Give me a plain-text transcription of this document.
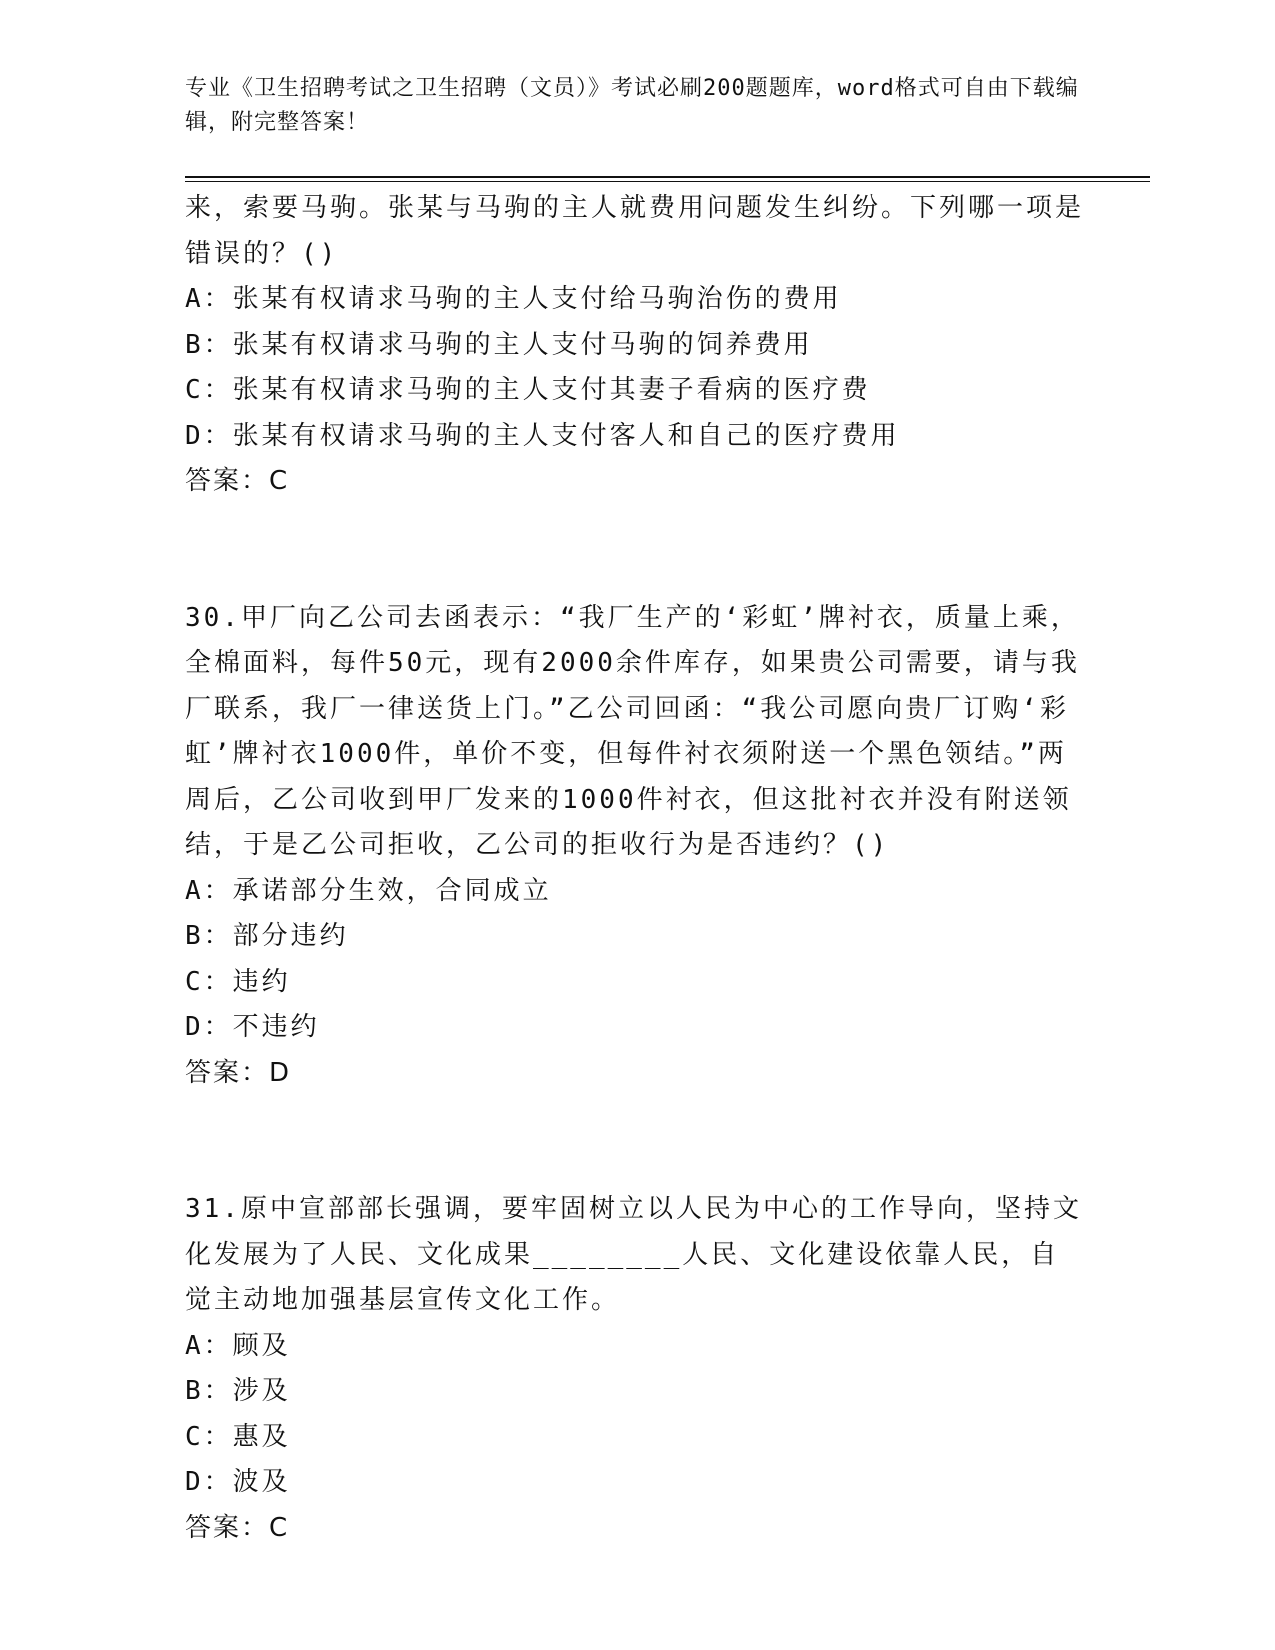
专业《卫生招聘考试之卫生招聘（文员）》考试必刷200题题库，word格式可自由下载编辑，附完整答案！

来，索要马驹。张某与马驹的主人就费用问题发生纠纷。下列哪一项是错误的？()

A：张某有权请求马驹的主人支付给马驹治伤的费用

B：张某有权请求马驹的主人支付马驹的饲养费用

C：张某有权请求马驹的主人支付其妻子看病的医疗费

D：张某有权请求马驹的主人支付客人和自己的医疗费用

答案：C

30.甲厂向乙公司去函表示：“我厂生产的‘彩虹’牌衬衣，质量上乘，全棉面料，每件50元，现有2000余件库存，如果贵公司需要，请与我厂联系，我厂一律送货上门。”乙公司回函：“我公司愿向贵厂订购‘彩虹’牌衬衣1000件，单价不变，但每件衬衣须附送一个黑色领结。”两周后，乙公司收到甲厂发来的1000件衬衣，但这批衬衣并没有附送领结，于是乙公司拒收，乙公司的拒收行为是否违约？()

A：承诺部分生效，合同成立

B：部分违约

C：违约

D：不违约

答案：D

31.原中宣部部长强调，要牢固树立以人民为中心的工作导向，坚持文化发展为了人民、文化成果________人民、文化建设依靠人民，自觉主动地加强基层宣传文化工作。

A：顾及

B：涉及

C：惠及

D：波及

答案：C
